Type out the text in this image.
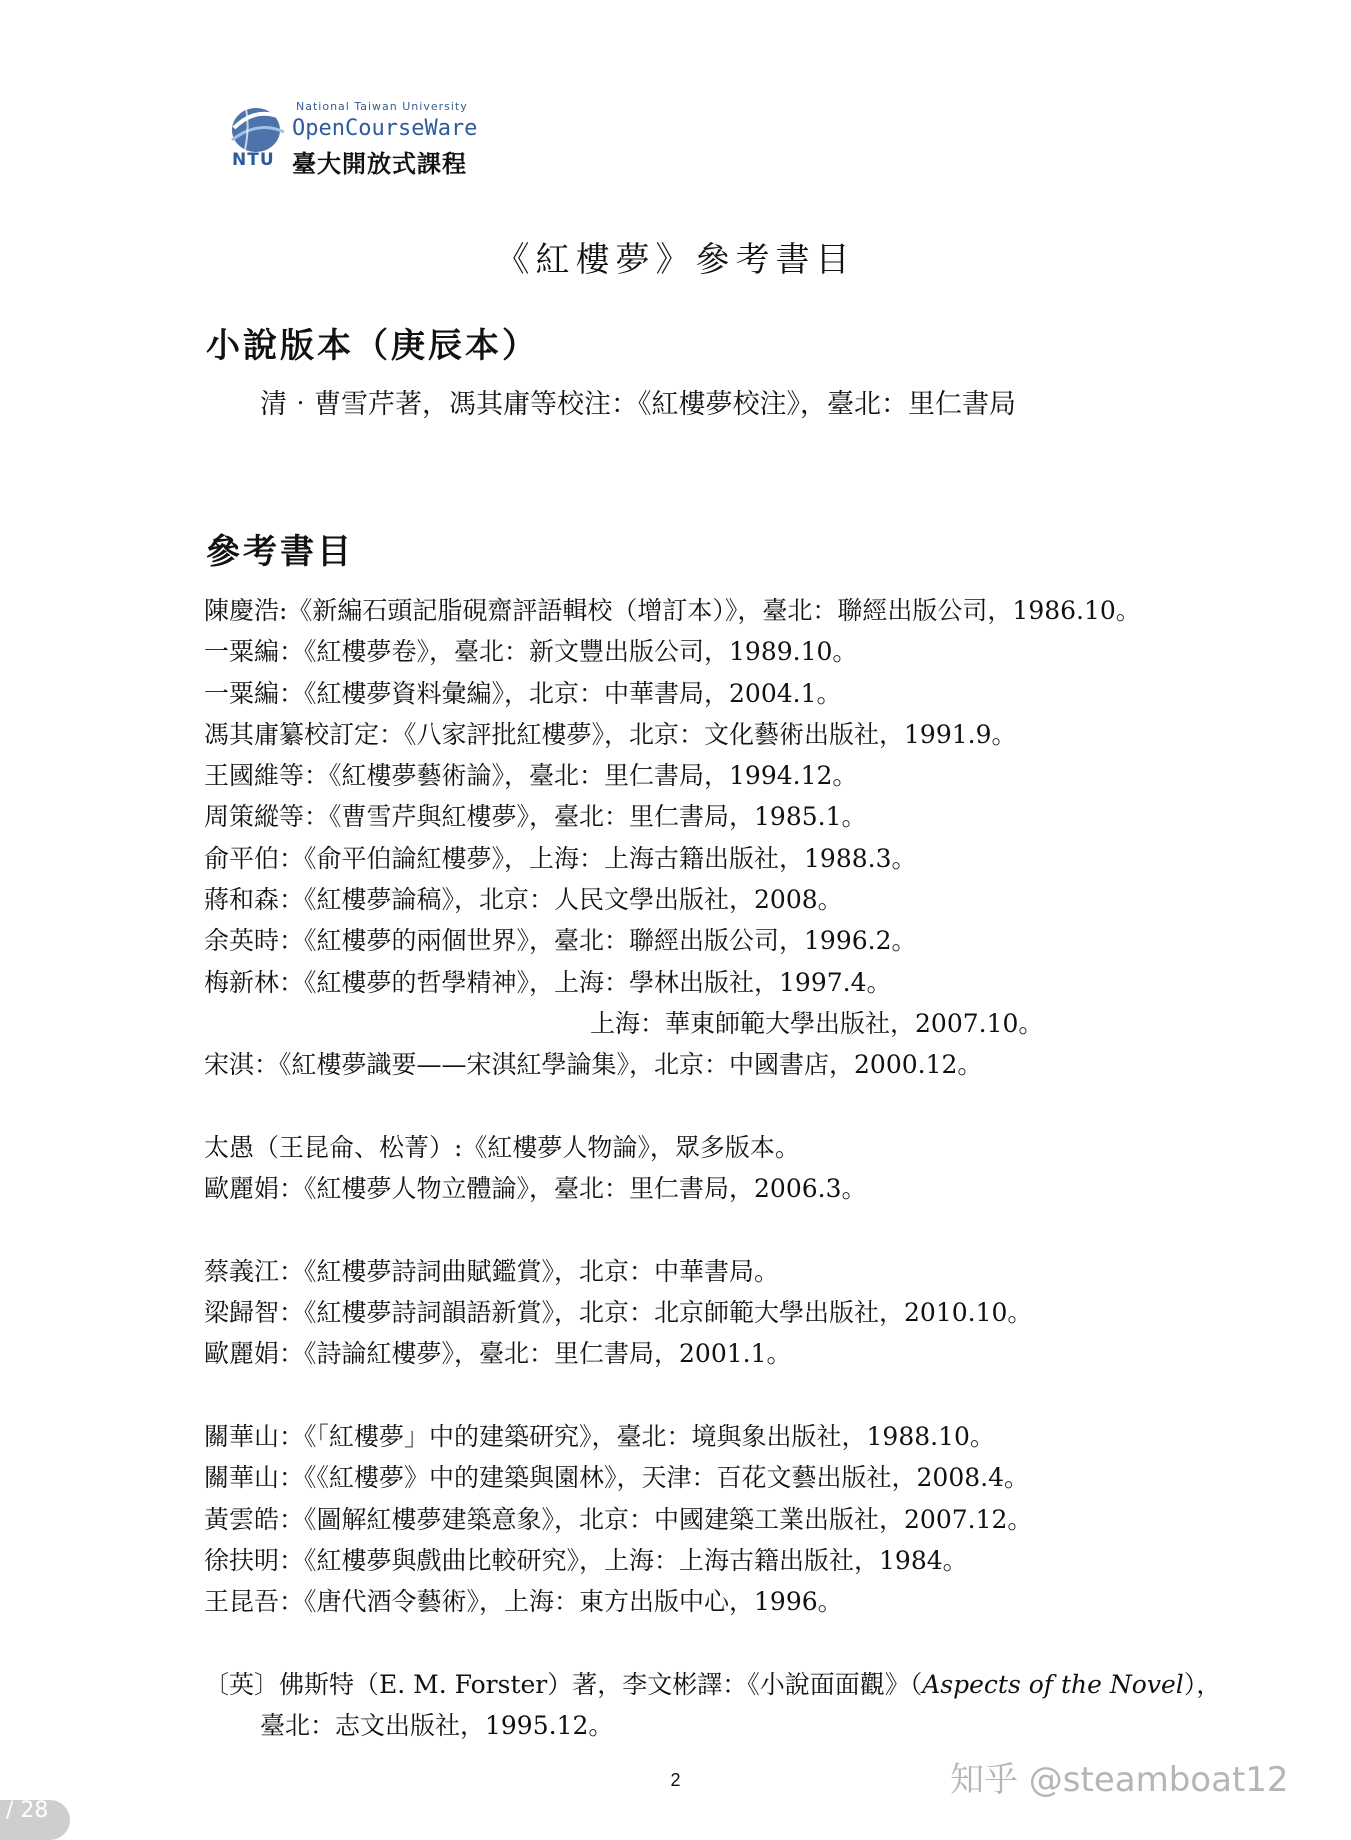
National Taiwan University
OpenCourseWare
NTU 臺大開放式課程
《紅樓夢》參考書目
小說版本（庚辰本）
清‧曹雪芹著，馮其庸等校注：《紅樓夢校注》，臺北：里仁書局
參考書目
陳慶浩:《新編石頭記脂硯齋評語輯校（增訂本）》，臺北：聯經出版公司，1986.10。
一粟編：《紅樓夢卷》，臺北：新文豐出版公司，1989.10。
一粟編：《紅樓夢資料彙編》，北京：中華書局，2004.1。
馮其庸纂校訂定：《八家評批紅樓夢》，北京：文化藝術出版社，1991.9。
王國維等：《紅樓夢藝術論》，臺北：里仁書局，1994.12。
周策縱等：《曹雪芹與紅樓夢》，臺北：里仁書局，1985.1。
俞平伯：《俞平伯論紅樓夢》，上海：上海古籍出版社，1988.3。
蔣和森：《紅樓夢論稿》，北京：人民文學出版社，2008。
余英時：《紅樓夢的兩個世界》，臺北：聯經出版公司，1996.2。
梅新林：《紅樓夢的哲學精神》，上海：學林出版社，1997.4。
上海：華東師範大學出版社，2007.10。
宋淇：《紅樓夢識要——宋淇紅學論集》，北京：中國書店，2000.12。
太愚（王昆侖、松菁）:《紅樓夢人物論》，眾多版本。
歐麗娟：《紅樓夢人物立體論》，臺北：里仁書局，2006.3。
蔡義江：《紅樓夢詩詞曲賦鑑賞》，北京：中華書局。
梁歸智：《紅樓夢詩詞韻語新賞》，北京：北京師範大學出版社，2010.10。
歐麗娟：《詩論紅樓夢》，臺北：里仁書局，2001.1。
關華山：《「紅樓夢」中的建築研究》，臺北：境與象出版社，1988.10。
關華山：《《紅樓夢》中的建築與園林》，天津：百花文藝出版社，2008.4。
黃雲皓：《圖解紅樓夢建築意象》，北京：中國建築工業出版社，2007.12。
徐扶明：《紅樓夢與戲曲比較研究》，上海：上海古籍出版社，1984。
王昆吾：《唐代酒令藝術》，上海：東方出版中心，1996。
〔英〕佛斯特（E. M. Forster）著，李文彬譯：《小說面面觀》（Aspects of the Novel），
臺北：志文出版社，1995.12。
2	知乎 @steamboat12
/ 28
